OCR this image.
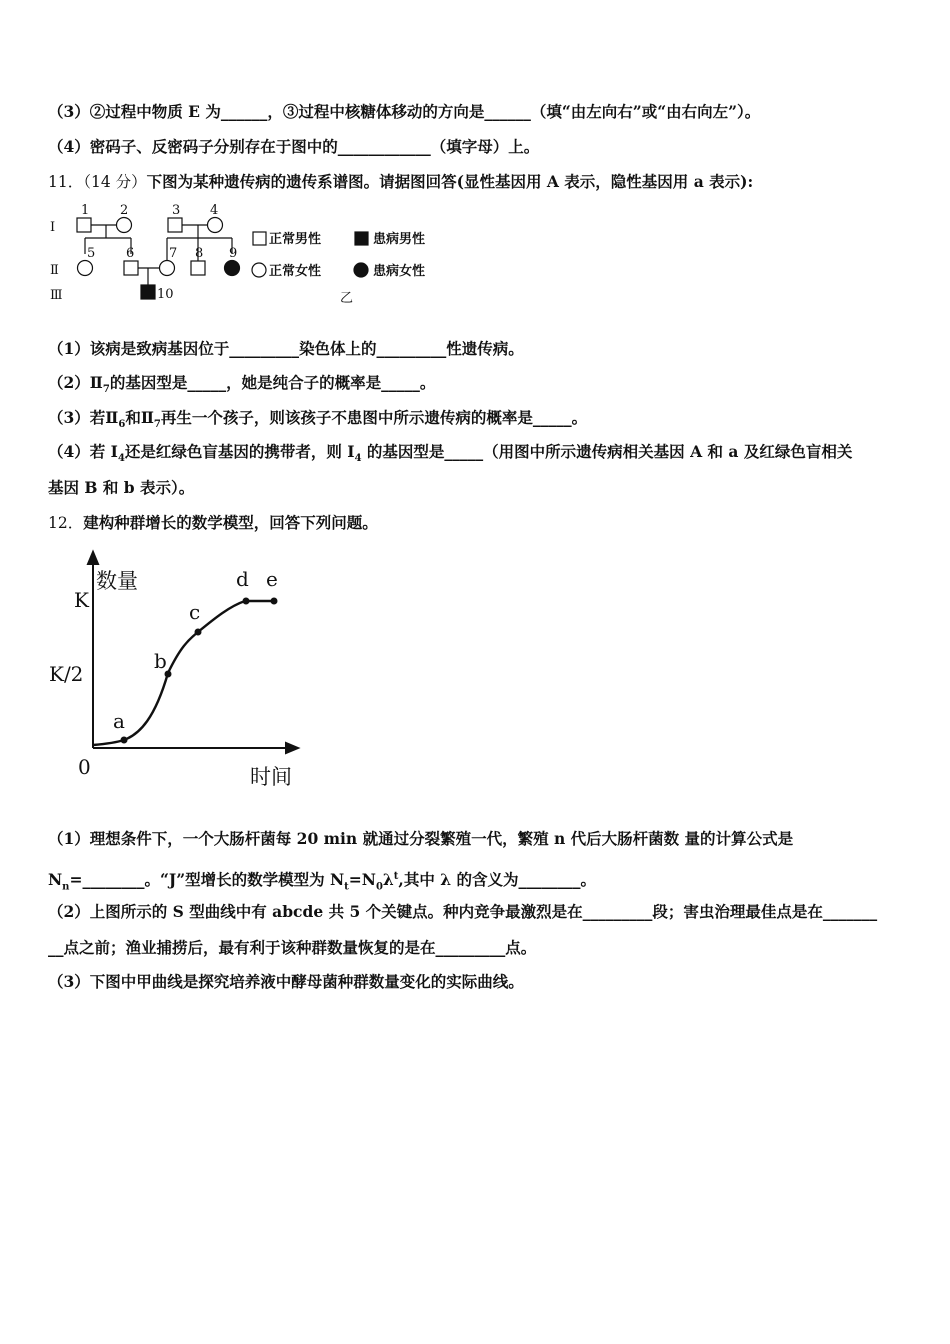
（3）②过程中物质 E 为______，③过程中核糖体移动的方向是______（填“由左向右”或“由右向左”）。
（4）密码子、反密码子分别存在于图中的____________（填字母）上。
11．（14 分）下图为某种遗传病的遗传系谱图。请据图回答(显性基因用 A 表示，隐性基因用 a 表示):
Ⅰ
Ⅱ
Ⅲ
1 2	3 4
5 6	7 8 9
10
正常男性	患病男性
正常女性	患病女性
乙
（1）该病是致病基因位于_________染色体上的_________性遗传病。
$(2)Ⅱ_7$的基因型是_____，她是纯合子的概率是_____。
（3）若$Ⅱ_6$和$Ⅱ_7$再生一个孩子，则该孩子不患图中所示遗传病的概率是_____。
（4）若 $I_4$还是红绿色盲基因的携带者，则 $I_4$ 的基因型是_____（用图中所示遗传病相关基因 A 和 a 及红绿色盲相关
基因 B 和 b 表示）。
12．建构种群增长的数学模型，回答下列问题。
数量
时间
K
K/2
0
a
b
c
d e
（1）理想条件下，一个大肠杆菌每 20 min 就通过分裂繁殖一代，繁殖 n 代后大肠杆菌数 量的计算公式是
$N_n=\_\_\_\_\_\_\_\_$。“J”型增长的数学模型为 $N_t=N_0\lambda^t$,其中 λ 的含义为________。
（2）上图所示的 S 型曲线中有 abcde 共 5 个关键点。种内竞争最激烈是在_________段；害虫治理最佳点是在_______
__点之前；渔业捕捞后，最有利于该种群数量恢复的是在_________点。
（3）下图中甲曲线是探究培养液中酵母菌种群数量变化的实际曲线。
